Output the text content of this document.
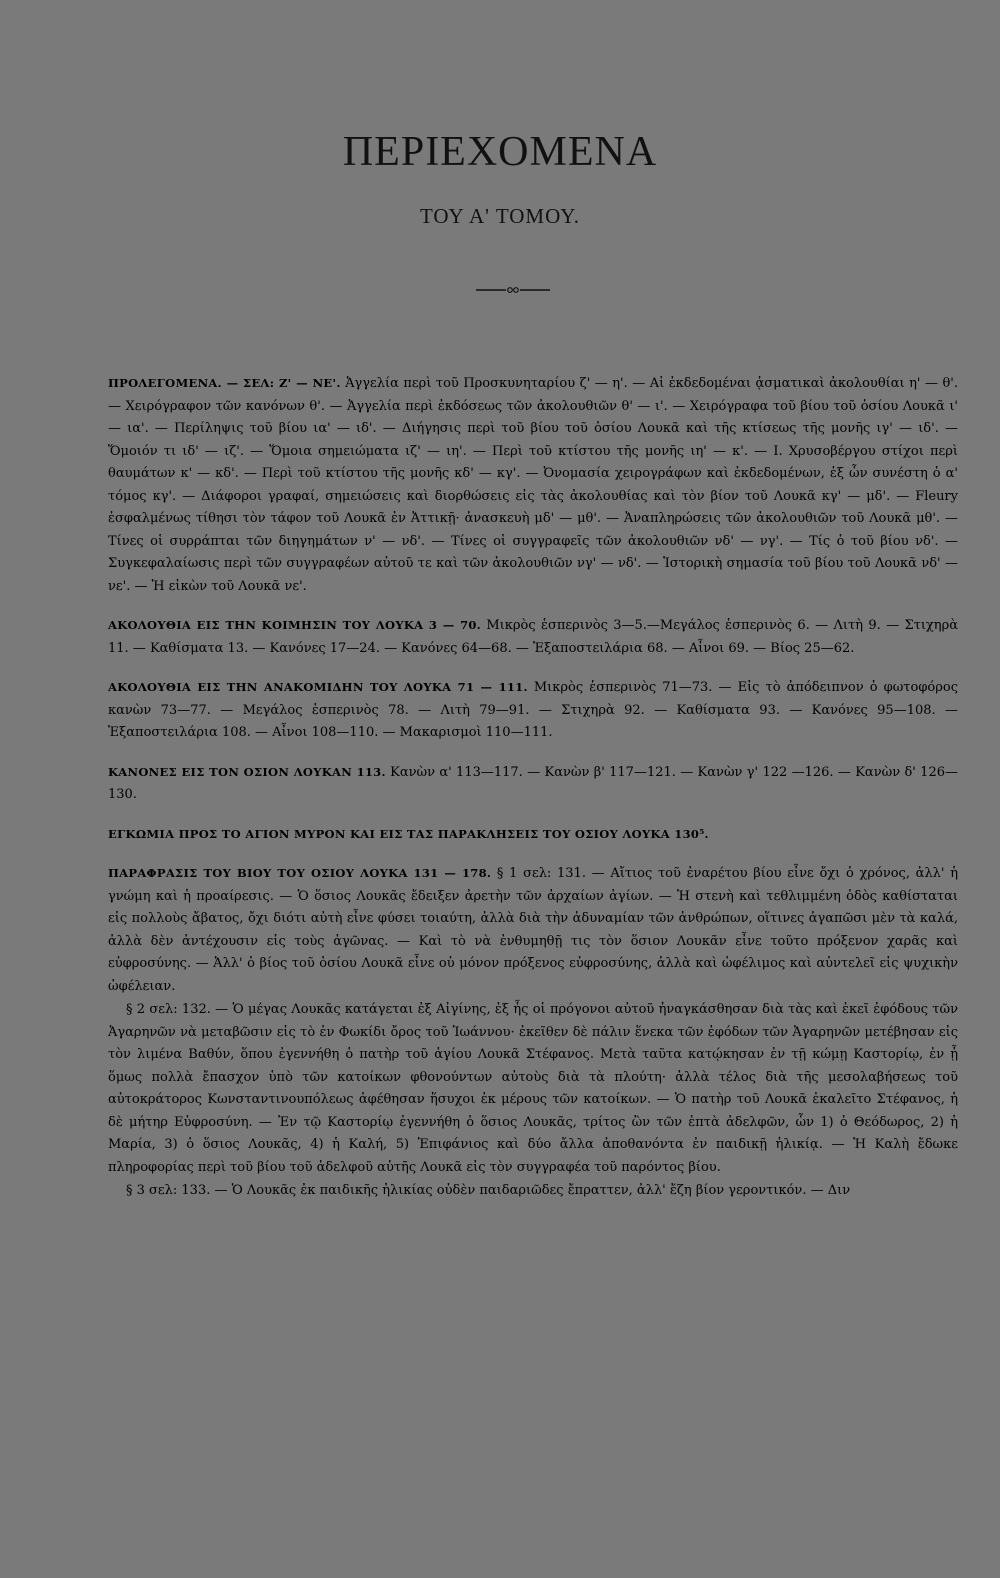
ΠΕΡΙΕΧΟΜΕΝΑ
ΤΟΥ Α' ΤΟΜΟΥ.

ΠΡΟΛΕΓΟΜΕΝΑ. — ΣΕΛ: Ζ' — ΝΕ'. Ἀγγελία περὶ τοῦ Προσκυνηταρίου ζ' — η'. — Αἱ ἐκδεδομέναι ᾀσματικαὶ ἀκολουθίαι η' — θ'. — Χειρόγραφον τῶν κανόνων θ'. — Ἀγγελία περὶ ἐκδόσεως τῶν ἀκολουθιῶν θ' — ι'. — Χειρόγραφα τοῦ βίου τοῦ ὁσίου Λουκᾶ ι' — ια'. — Περίληψις τοῦ βίου ια' — ιδ'. — Διήγησις περὶ τοῦ βίου τοῦ ὁσίου Λουκᾶ καὶ τῆς κτίσεως τῆς μονῆς ιγ' — ιδ'. — Ὅμοιόν τι ιδ' — ιζ'. — Ὅμοια σημειώματα ιζ' — ιη'. — Περὶ τοῦ κτίστου τῆς μονῆς ιη' — κ'. — Ι. Χρυσοβέργου στίχοι περὶ θαυμάτων κ' — κδ'. — Περὶ τοῦ κτίστου τῆς μονῆς κδ' — κγ'. — Ὀνομασία χειρογράφων καὶ ἐκδεδομένων, ἐξ ὧν συνέστη ὁ α' τόμος κγ'. — Διάφοροι γραφαί, σημειώσεις καὶ διορθώσεις εἰς τὰς ἀκολουθίας καὶ τὸν βίον τοῦ Λουκᾶ κγ' — μδ'. — Fleury ἐσφαλμένως τίθησι τὸν τάφον τοῦ Λουκᾶ ἐν Ἀττικῇ· ἀνασκευὴ μδ' — μθ'. — Ἀναπληρώσεις τῶν ἀκολουθιῶν τοῦ Λουκᾶ μθ'. — Τίνες οἱ συρράπται τῶν διηγημάτων ν' — νδ'. — Τίνες οἱ συγγραφεῖς τῶν ἀκολουθιῶν νδ' — νγ'. — Τίς ὁ τοῦ βίου νδ'. — Συγκεφαλαίωσις περὶ τῶν συγγραφέων αὐτοῦ τε καὶ τῶν ἀκολουθιῶν νγ' — νδ'. — Ἱστορικὴ σημασία τοῦ βίου τοῦ Λουκᾶ νδ' — νε'. — Ἡ εἰκὼν τοῦ Λουκᾶ νε'.

ΑΚΟΛΟΥΘΙΑ ΕΙΣ ΤΗΝ ΚΟΙΜΗΣΙΝ ΤΟΥ ΛΟΥΚΑ 3 — 70. Μικρὸς ἑσπερινὸς 3—5.—Μεγάλος ἑσπερινὸς 6. — Λιτὴ 9. — Στιχηρὰ 11. — Καθίσματα 13. — Κανόνες 17—24. — Κανόνες 64—68. — Ἐξαποστειλάρια 68. — Αἶνοι 69. — Βίος 25—62.

ΑΚΟΛΟΥΘΙΑ ΕΙΣ ΤΗΝ ΑΝΑΚΟΜΙΔΗΝ ΤΟΥ ΛΟΥΚΑ 71 — 111. Μικρὸς ἑσπερινὸς 71—73. — Εἰς τὸ ἀπόδειπνον ὁ φωτοφόρος κανὼν 73—77. — Μεγάλος ἑσπερινὸς 78. — Λιτὴ 79—91. — Στιχηρὰ 92. — Καθίσματα 93. — Κανόνες 95—108. — Ἐξαποστειλάρια 108. — Αἶνοι 108—110. — Μακαρισμοὶ 110—111.

ΚΑΝΟΝΕΣ ΕΙΣ ΤΟΝ ΟΣΙΟΝ ΛΟΥΚΑΝ 113. Κανὼν α' 113—117. — Κανὼν β' 117—121. — Κανὼν γ' 122 —126. — Κανὼν δ' 126—130.

ΕΓΚΩΜΙΑ ΠΡΟΣ ΤΟ ΑΓΙΟΝ ΜΥΡΟΝ ΚΑΙ ΕΙΣ ΤΑΣ ΠΑΡΑΚΛΗΣΕΙΣ ΤΟΥ ΟΣΙΟΥ ΛΟΥΚΑ 130⁵.

ΠΑΡΑΦΡΑΣΙΣ ΤΟΥ ΒΙΟΥ ΤΟΥ ΟΣΙΟΥ ΛΟΥΚΑ 131 — 178. § 1 σελ: 131. — Αἴτιος τοῦ ἐναρέτου βίου εἶνε ὄχι ὁ χρόνος, ἀλλ' ἡ γνώμη καὶ ἡ προαίρεσις. — Ὁ ὅσιος Λουκᾶς ἔδειξεν ἀρετὴν τῶν ἀρχαίων ἁγίων. — Ἡ στενὴ καὶ τεθλιμμένη ὁδὸς καθίσταται εἰς πολλοὺς ἄβατος, ὄχι διότι αὐτὴ εἶνε φύσει τοιαύτη, ἀλλὰ διὰ τὴν ἀδυναμίαν τῶν ἀνθρώπων, οἵτινες ἀγαπῶσι μὲν τὰ καλά, ἀλλὰ δὲν ἀντέχουσιν εἰς τοὺς ἀγῶνας. — Καὶ τὸ νὰ ἐνθυμηθῇ τις τὸν ὅσιον Λουκᾶν εἶνε τοῦτο πρόξενον χαρᾶς καὶ εὐφροσύνης. — Ἀλλ' ὁ βίος τοῦ ὁσίου Λουκᾶ εἶνε οὐ μόνον πρόξενος εὐφροσύνης, ἀλλὰ καὶ ὠφέλιμος καὶ αὐντελεῖ εἰς ψυχικὴν ὠφέλειαν.

§ 2 σελ: 132. — Ὁ μέγας Λουκᾶς κατάγεται ἐξ Αἰγίνης, ἐξ ἧς οἱ πρόγονοι αὐτοῦ ἠναγκάσθησαν διὰ τὰς καὶ ἐκεῖ ἐφόδους τῶν Ἀγαρηνῶν νὰ μεταβῶσιν εἰς τὸ ἐν Φωκίδι ὄρος τοῦ Ἰωάννου· ἐκεῖθεν δὲ πάλιν ἕνεκα τῶν ἐφόδων τῶν Ἀγαρηνῶν μετέβησαν εἰς τὸν λιμένα Βαθύν, ὅπου ἐγεννήθη ὁ πατὴρ τοῦ ἁγίου Λουκᾶ Στέφανος. Μετὰ ταῦτα κατῴκησαν ἐν τῇ κώμῃ Καστορίῳ, ἐν ᾗ ὅμως πολλὰ ἔπασχον ὑπὸ τῶν κατοίκων φθονούντων αὐτοὺς διὰ τὰ πλούτη· ἀλλὰ τέλος διὰ τῆς μεσολαβήσεως τοῦ αὐτοκράτορος Κωνσταντινουπόλεως ἀφέθησαν ἥσυχοι ἐκ μέρους τῶν κατοίκων. — Ὁ πατὴρ τοῦ Λουκᾶ ἐκαλεῖτο Στέφανος, ἡ δὲ μήτηρ Εὐφροσύνη. — Ἐν τῷ Καστορίῳ ἐγεννήθη ὁ ὅσιος Λουκᾶς, τρίτος ὢν τῶν ἑπτὰ ἀδελφῶν, ὧν 1) ὁ Θεόδωρος, 2) ἡ Μαρία, 3) ὁ ὅσιος Λουκᾶς, 4) ἡ Καλή, 5) Ἐπιφάνιος καὶ δύο ἄλλα ἀποθανόντα ἐν παιδικῇ ἡλικίᾳ. — Ἡ Καλὴ ἔδωκε πληροφορίας περὶ τοῦ βίου τοῦ ἀδελφοῦ αὐτῆς Λουκᾶ εἰς τὸν συγγραφέα τοῦ παρόντος βίου.

§ 3 σελ: 133. — Ὁ Λουκᾶς ἐκ παιδικῆς ἡλικίας οὐδὲν παιδαριῶδες ἔπραττεν, ἀλλ' ἔζη βίον γεροντικόν. — Διν
